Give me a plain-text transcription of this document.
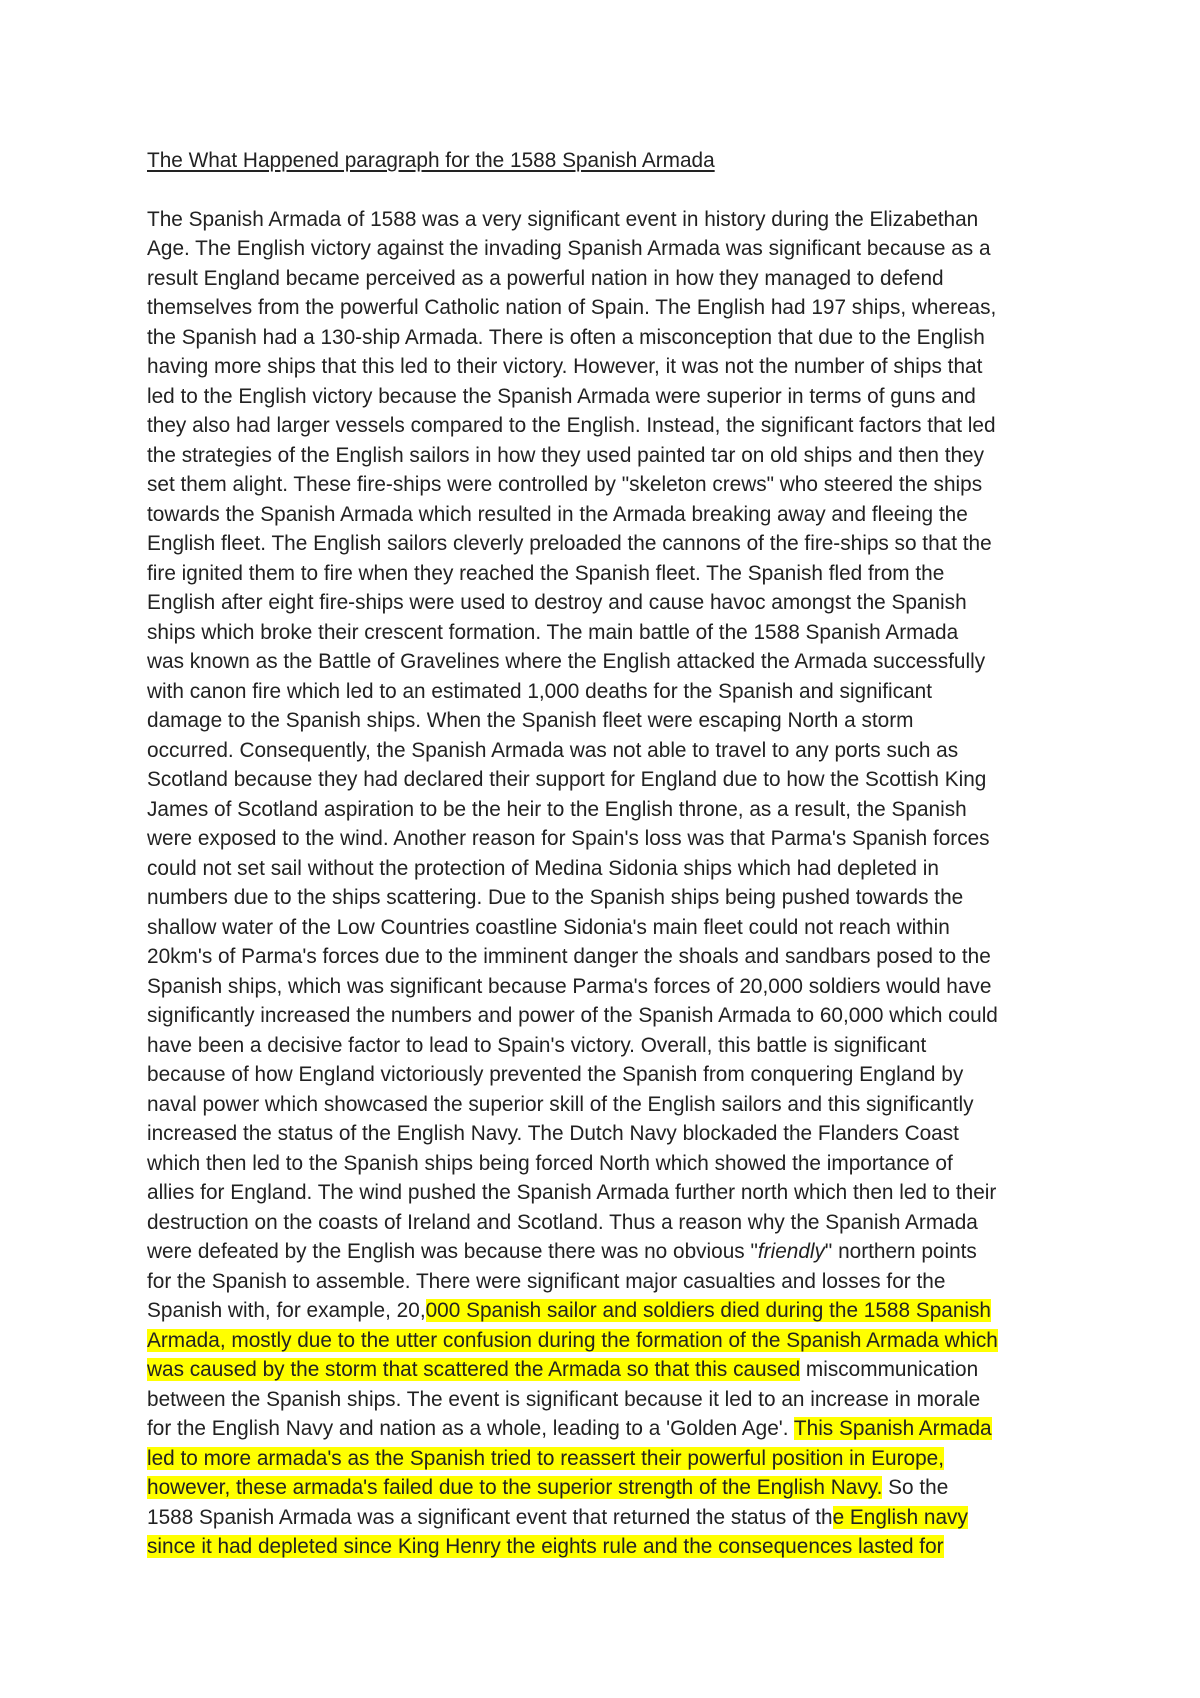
The What Happened paragraph for the 1588 Spanish Armada
The Spanish Armada of 1588 was a very significant event in history during the Elizabethan
Age. The English victory against the invading Spanish Armada was significant because as a
result England became perceived as a powerful nation in how they managed to defend
themselves from the powerful Catholic nation of Spain. The English had 197 ships, whereas,
the Spanish had a 130-ship Armada. There is often a misconception that due to the English
having more ships that this led to their victory. However, it was not the number of ships that
led to the English victory because the Spanish Armada were superior in terms of guns and
they also had larger vessels compared to the English. Instead, the significant factors that led
the strategies of the English sailors in how they used painted tar on old ships and then they
set them alight. These fire-ships were controlled by "skeleton crews" who steered the ships
towards the Spanish Armada which resulted in the Armada breaking away and fleeing the
English fleet. The English sailors cleverly preloaded the cannons of the fire-ships so that the
fire ignited them to fire when they reached the Spanish fleet. The Spanish fled from the
English after eight fire-ships were used to destroy and cause havoc amongst the Spanish
ships which broke their crescent formation. The main battle of the 1588 Spanish Armada
was known as the Battle of Gravelines where the English attacked the Armada successfully
with canon fire which led to an estimated 1,000 deaths for the Spanish and significant
damage to the Spanish ships. When the Spanish fleet were escaping North a storm
occurred. Consequently, the Spanish Armada was not able to travel to any ports such as
Scotland because they had declared their support for England due to how the Scottish King
James of Scotland aspiration to be the heir to the English throne, as a result, the Spanish
were exposed to the wind. Another reason for Spain's loss was that Parma's Spanish forces
could not set sail without the protection of Medina Sidonia ships which had depleted in
numbers due to the ships scattering. Due to the Spanish ships being pushed towards the
shallow water of the Low Countries coastline Sidonia's main fleet could not reach within
20km's of Parma's forces due to the imminent danger the shoals and sandbars posed to the
Spanish ships, which was significant because Parma's forces of 20,000 soldiers would have
significantly increased the numbers and power of the Spanish Armada to 60,000 which could
have been a decisive factor to lead to Spain's victory. Overall, this battle is significant
because of how England victoriously prevented the Spanish from conquering England by
naval power which showcased the superior skill of the English sailors and this significantly
increased the status of the English Navy. The Dutch Navy blockaded the Flanders Coast
which then led to the Spanish ships being forced North which showed the importance of
allies for England. The wind pushed the Spanish Armada further north which then led to their
destruction on the coasts of Ireland and Scotland. Thus a reason why the Spanish Armada
were defeated by the English was because there was no obvious "friendly" northern points
for the Spanish to assemble. There were significant major casualties and losses for the
Spanish with, for example, 20,000 Spanish sailor and soldiers died during the 1588 Spanish
Armada, mostly due to the utter confusion during the formation of the Spanish Armada which
was caused by the storm that scattered the Armada so that this caused miscommunication
between the Spanish ships. The event is significant because it led to an increase in morale
for the English Navy and nation as a whole, leading to a 'Golden Age'. This Spanish Armada
led to more armada's as the Spanish tried to reassert their powerful position in Europe,
however, these armada's failed due to the superior strength of the English Navy. So the
1588 Spanish Armada was a significant event that returned the status of the English navy
since it had depleted since King Henry the eights rule and the consequences lasted for
